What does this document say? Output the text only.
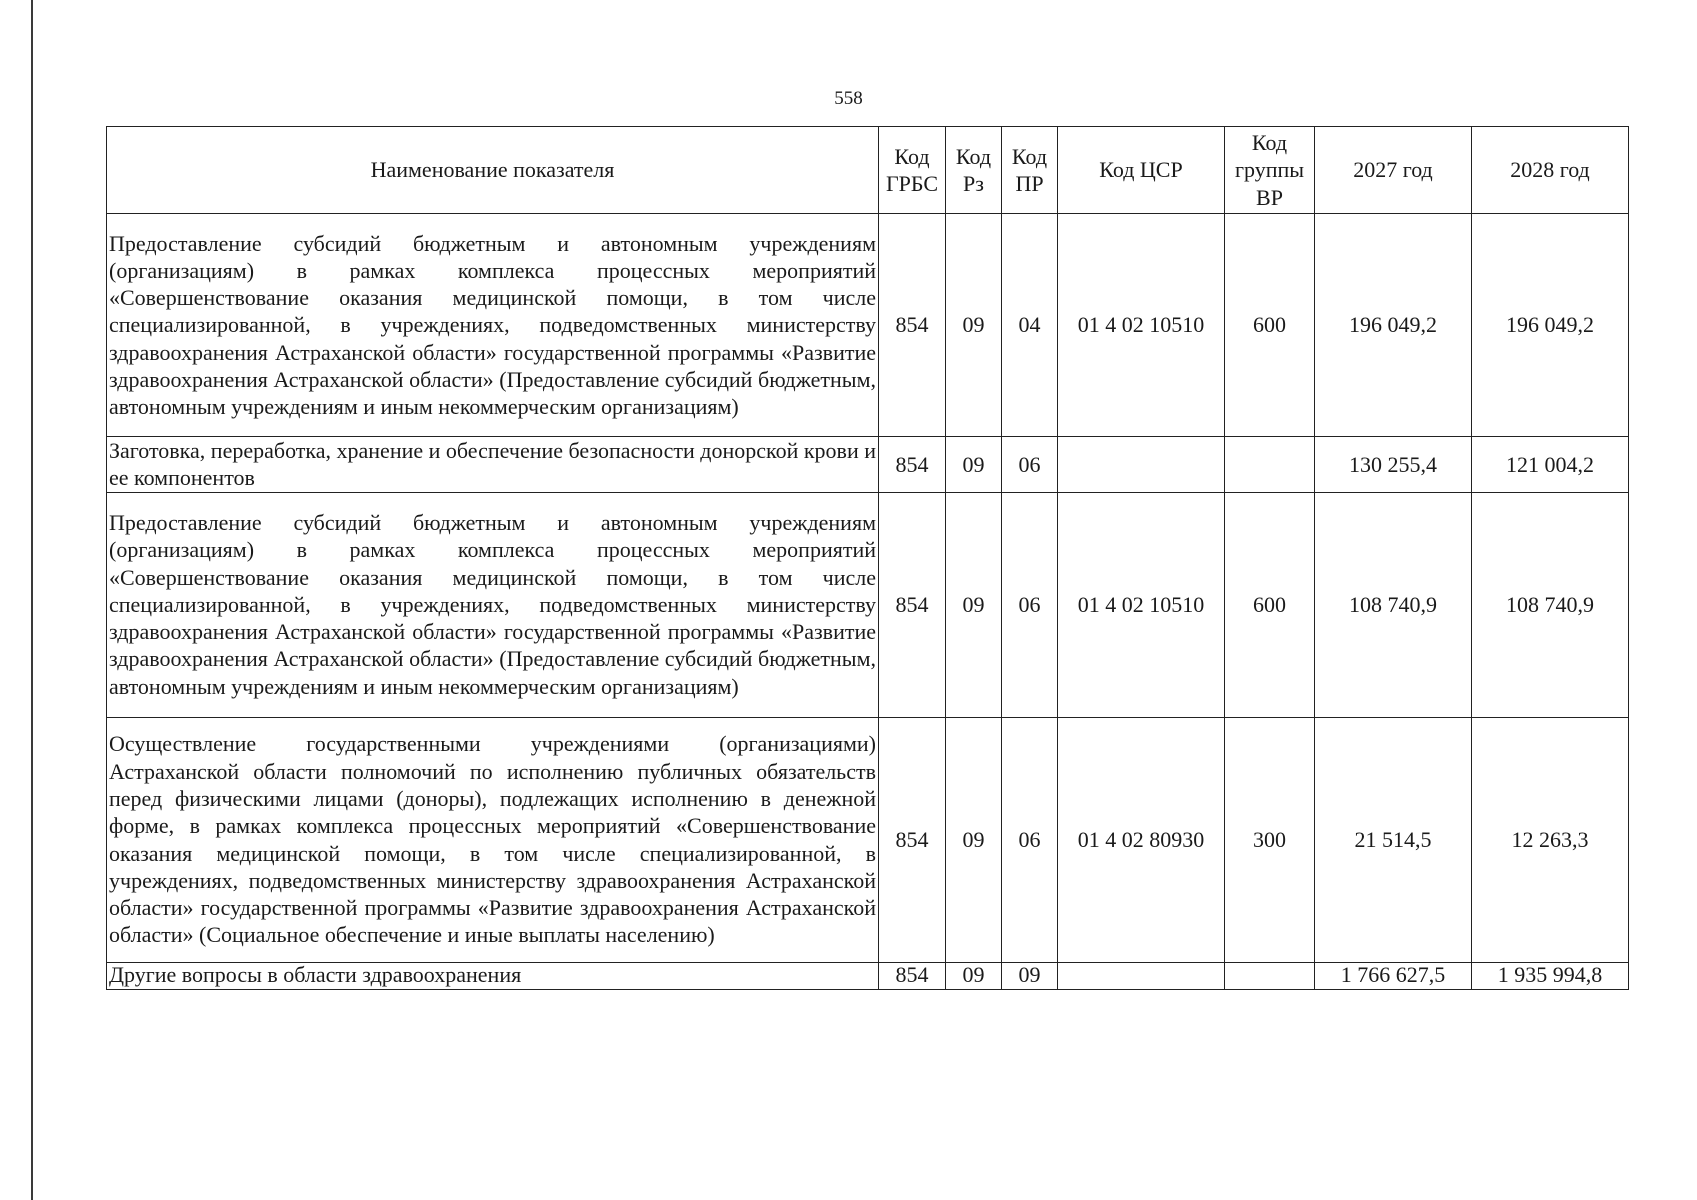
558
Наименование показателя	Код ГРБС	Код Рз	Код ПР	Код ЦСР	Код группы ВР	2027 год	2028 год
Предоставление субсидий бюджетным и автономным учреждениям (организациям) в рамках комплекса процессных мероприятий «Совершенствование оказания медицинской помощи, в том числе специализированной, в учреждениях, подведомственных министерству здравоохранения Астраханской области» государственной программы «Развитие здравоохранения Астраханской области» (Предоставление субсидий бюджетным, автономным учреждениям и иным некоммерческим организациям)	854	09	04	01 4 02 10510	600	196 049,2	196 049,2
Заготовка, переработка, хранение и обеспечение безопасности донорской крови и ее компонентов	854	09	06			130 255,4	121 004,2
Предоставление субсидий бюджетным и автономным учреждениям (организациям) в рамках комплекса процессных мероприятий «Совершенствование оказания медицинской помощи, в том числе специализированной, в учреждениях, подведомственных министерству здравоохранения Астраханской области» государственной программы «Развитие здравоохранения Астраханской области» (Предоставление субсидий бюджетным, автономным учреждениям и иным некоммерческим организациям)	854	09	06	01 4 02 10510	600	108 740,9	108 740,9
Осуществление государственными учреждениями (организациями) Астраханской области полномочий по исполнению публичных обязательств перед физическими лицами (доноры), подлежащих исполнению в денежной форме, в рамках комплекса процессных мероприятий «Совершенствование оказания медицинской помощи, в том числе специализированной, в учреждениях, подведомственных министерству здравоохранения Астраханской области» государственной программы «Развитие здравоохранения Астраханской области» (Социальное обеспечение и иные выплаты населению)	854	09	06	01 4 02 80930	300	21 514,5	12 263,3
Другие вопросы в области здравоохранения	854	09	09			1 766 627,5	1 935 994,8
